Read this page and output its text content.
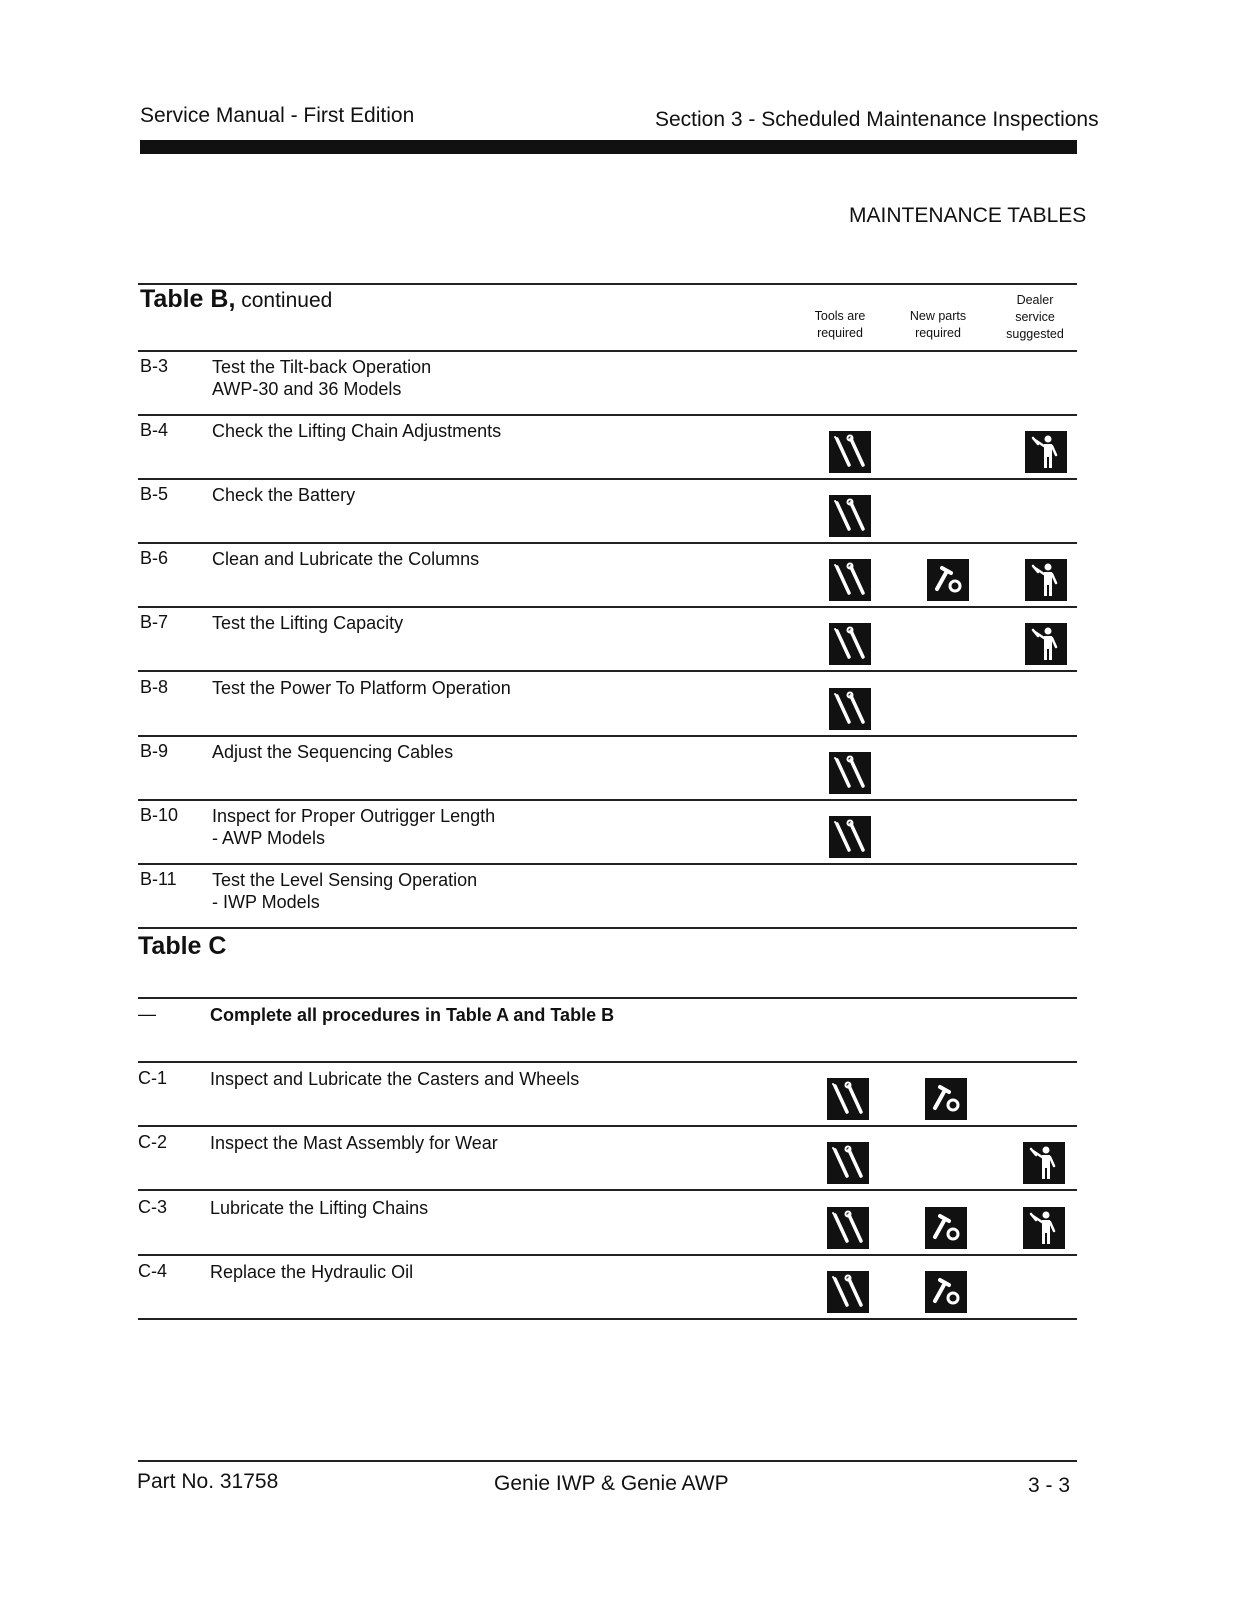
Service Manual - First Edition	Section 3 - Scheduled Maintenance Inspections
MAINTENANCE TABLES
Table B, continued
Tools are
required
New parts
required
Dealer
service
suggested
B-3 Test the Tilt-back Operation
AWP-30 and 36 Models
B-4 Check the Lifting Chain Adjustments
B-5 Check the Battery
B-6 Clean and Lubricate the Columns
B-7 Test the Lifting Capacity
B-8 Test the Power To Platform Operation
B-9 Adjust the Sequencing Cables
B-10 Inspect for Proper Outrigger Length
- AWP Models
B-11 Test the Level Sensing Operation
- IWP Models
Table C
—	Complete all procedures in Table A and Table B
C-1 Inspect and Lubricate the Casters and Wheels
C-2 Inspect the Mast Assembly for Wear
C-3 Lubricate the Lifting Chains
C-4 Replace the Hydraulic Oil
Part No. 31758	Genie IWP & Genie AWP	3 - 3
